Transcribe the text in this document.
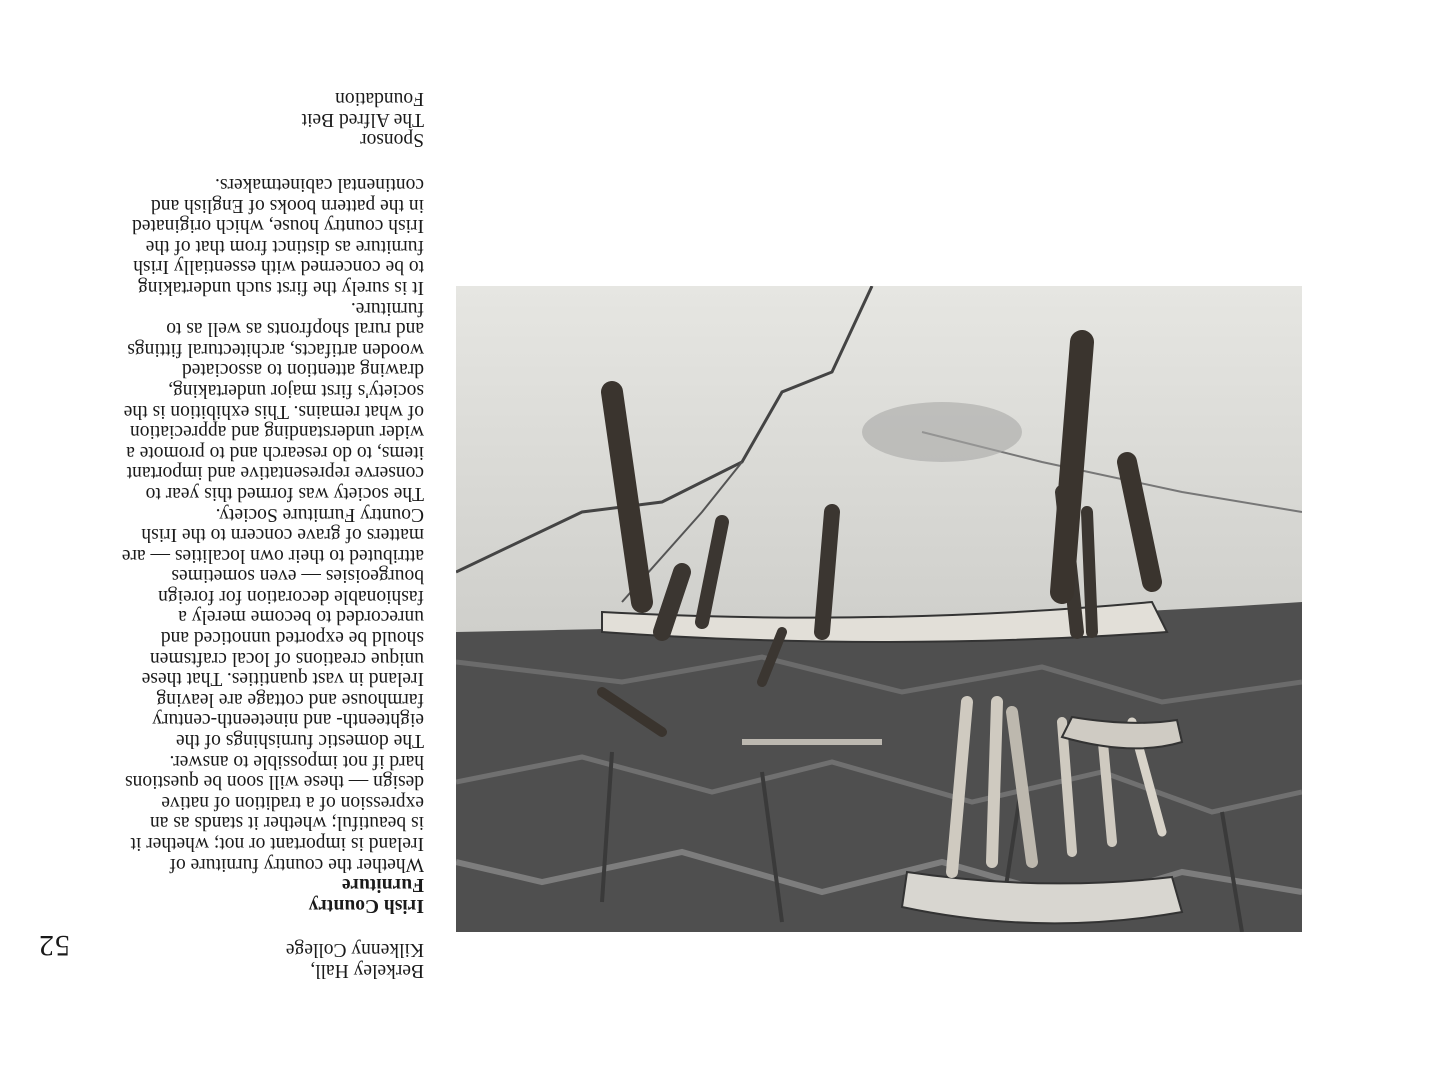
52

Berkeley Hall,
Kilkenny College

Irish Country
Furniture

Whether the country furniture of
Ireland is important or not; whether it
is beautiful; whether it stands as an
expression of a tradition of native
design — these will soon be questions
hard if not impossible to answer.

The domestic furnishings of the
eighteenth- and nineteenth-century
farmhouse and cottage are leaving
Ireland in vast quantities. That these
unique creations of local craftsmen
should be exported unnoticed and
unrecorded to become merely a
fashionable decoration for foreign
bourgeoisies — even sometimes
attributed to their own localities — are
matters of grave concern to the Irish
Country Furniture Society.

The society was formed this year to
conserve representative and important
items, to do research and to promote a
wider understanding and appreciation
of what remains. This exhibition is the
society's first major undertaking,
drawing attention to associated
wooden artifacts, architectural fittings
and rural shopfronts as well as to
furniture.

It is surely the first such undertaking
to be concerned with essentially Irish
furniture as distinct from that of the
Irish country house, which originated
in the pattern books of English and
continental cabinetmakers.

Sponsor
The Alfred Beit
Foundation
